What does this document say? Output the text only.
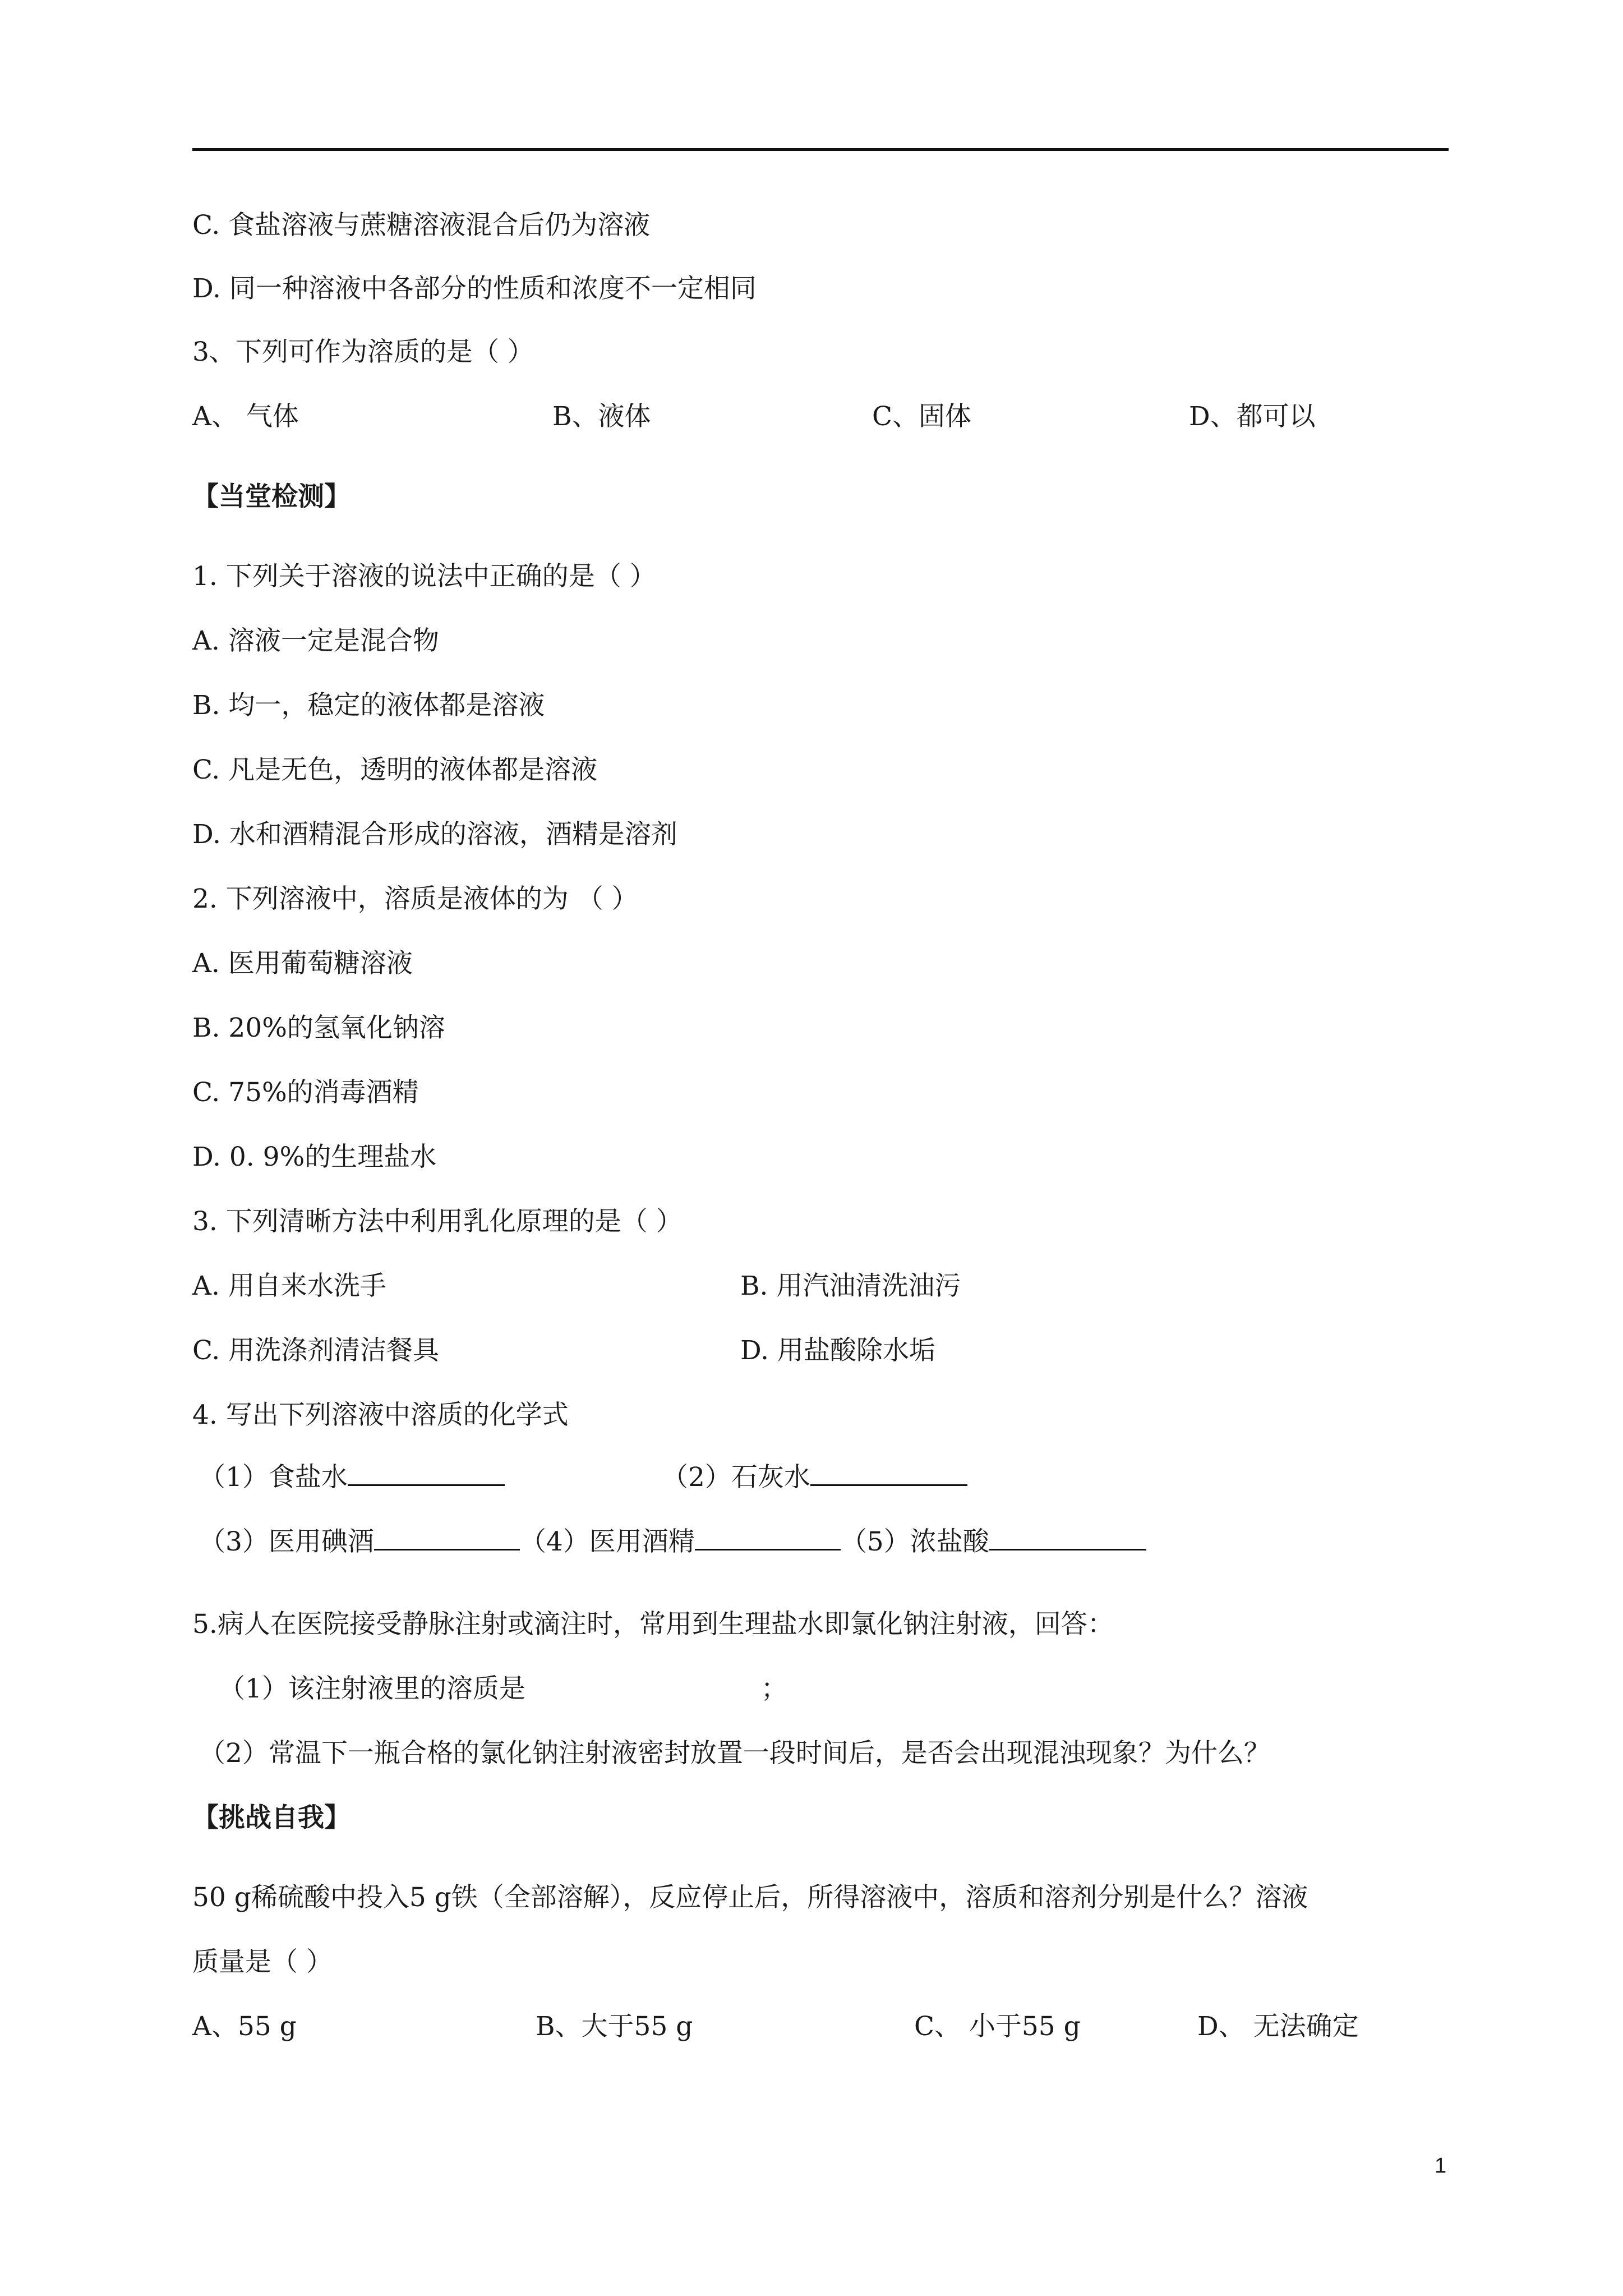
C. 食盐溶液与蔗糖溶液混合后仍为溶液
D. 同一种溶液中各部分的性质和浓度不一定相同
3、下列可作为溶质的是（ ）
A、 气体	B、液体	C、固体	D、都可以
【当堂检测】
1. 下列关于溶液的说法中正确的是（ ）
A. 溶液一定是混合物
B. 均一，稳定的液体都是溶液
C. 凡是无色，透明的液体都是溶液
D. 水和酒精混合形成的溶液，酒精是溶剂
2. 下列溶液中，溶质是液体的为 （ ）
A. 医用葡萄糖溶液
B. 20%的氢氧化钠溶
C. 75%的消毒酒精
D. 0. 9%的生理盐水
3. 下列清晰方法中利用乳化原理的是（ ）
A. 用自来水洗手	B. 用汽油清洗油污
C. 用洗涤剂清洁餐具	D. 用盐酸除水垢
4. 写出下列溶液中溶质的化学式
（1）食盐水	（2）石灰水
（3）医用碘酒	（4）医用酒精	（5）浓盐酸
5.病人在医院接受静脉注射或滴注时，常用到生理盐水即氯化钠注射液，回答：
（1）该注射液里的溶质是	；
（2）常温下一瓶合格的氯化钠注射液密封放置一段时间后，是否会出现混浊现象？为什么？
【挑战自我】
50 g稀硫酸中投入5 g铁（全部溶解），反应停止后，所得溶液中，溶质和溶剂分别是什么？溶液
质量是（ ）
A、55 g	B、大于55 g	C、 小于55 g	D、 无法确定
1
